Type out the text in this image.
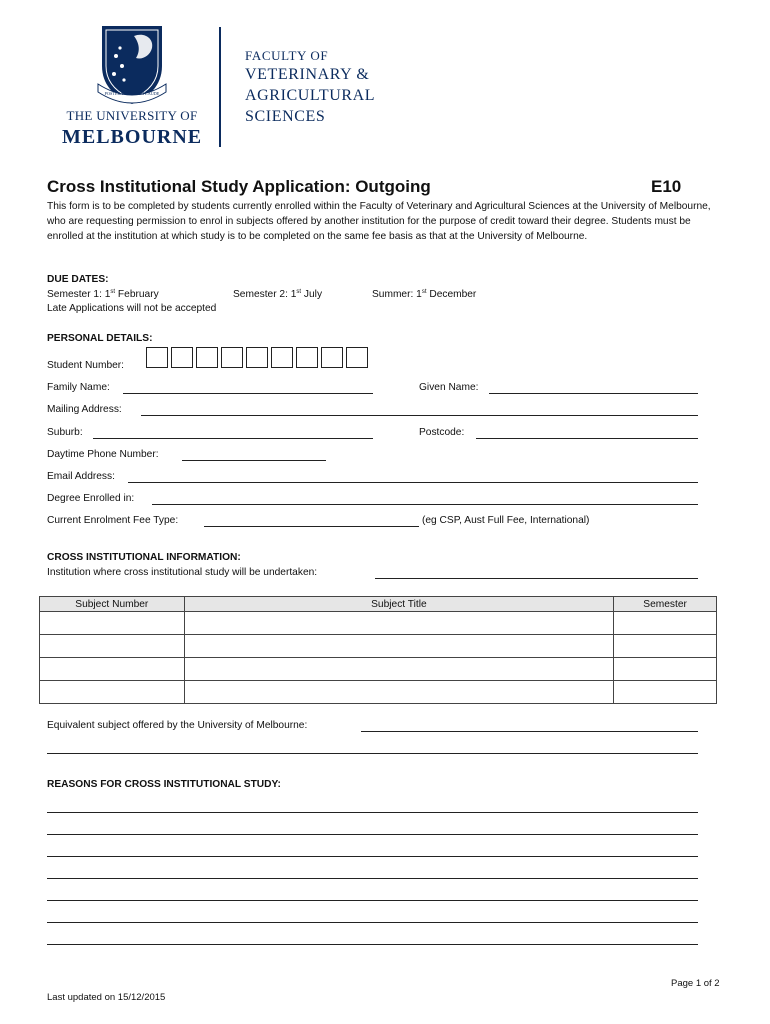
POSTERA CRESCAM LAUDE
THE UNIVERSITY OF
MELBOURNE
FACULTY OF
VETERINARY &
AGRICULTURAL
SCIENCES
Cross Institutional Study Application: Outgoing	E10
This form is to be completed by students currently enrolled within the Faculty of Veterinary and Agricultural Sciences at the University of Melbourne, who are requesting permission to enrol in subjects offered by another institution for the purpose of credit toward their degree. Students must be enrolled at the institution at which study is to be completed on the same fee basis as that at the University of Melbourne.
DUE DATES:
Semester 1: 1st February	Semester 2: 1st July	Summer: 1st December
Late Applications will not be accepted
PERSONAL DETAILS:
Student Number:
Family Name:	Given Name:
Mailing Address:
Suburb:	Postcode:
Daytime Phone Number:
Email Address:
Degree Enrolled in:
Current Enrolment Fee Type:	(eg CSP, Aust Full Fee, International)
CROSS INSTITUTIONAL INFORMATION:
Institution where cross institutional study will be undertaken:
Subject Number	Subject Title	Semester

Equivalent subject offered by the University of Melbourne:
REASONS FOR CROSS INSTITUTIONAL STUDY:
Page 1 of 2
Last updated on 15/12/2015
